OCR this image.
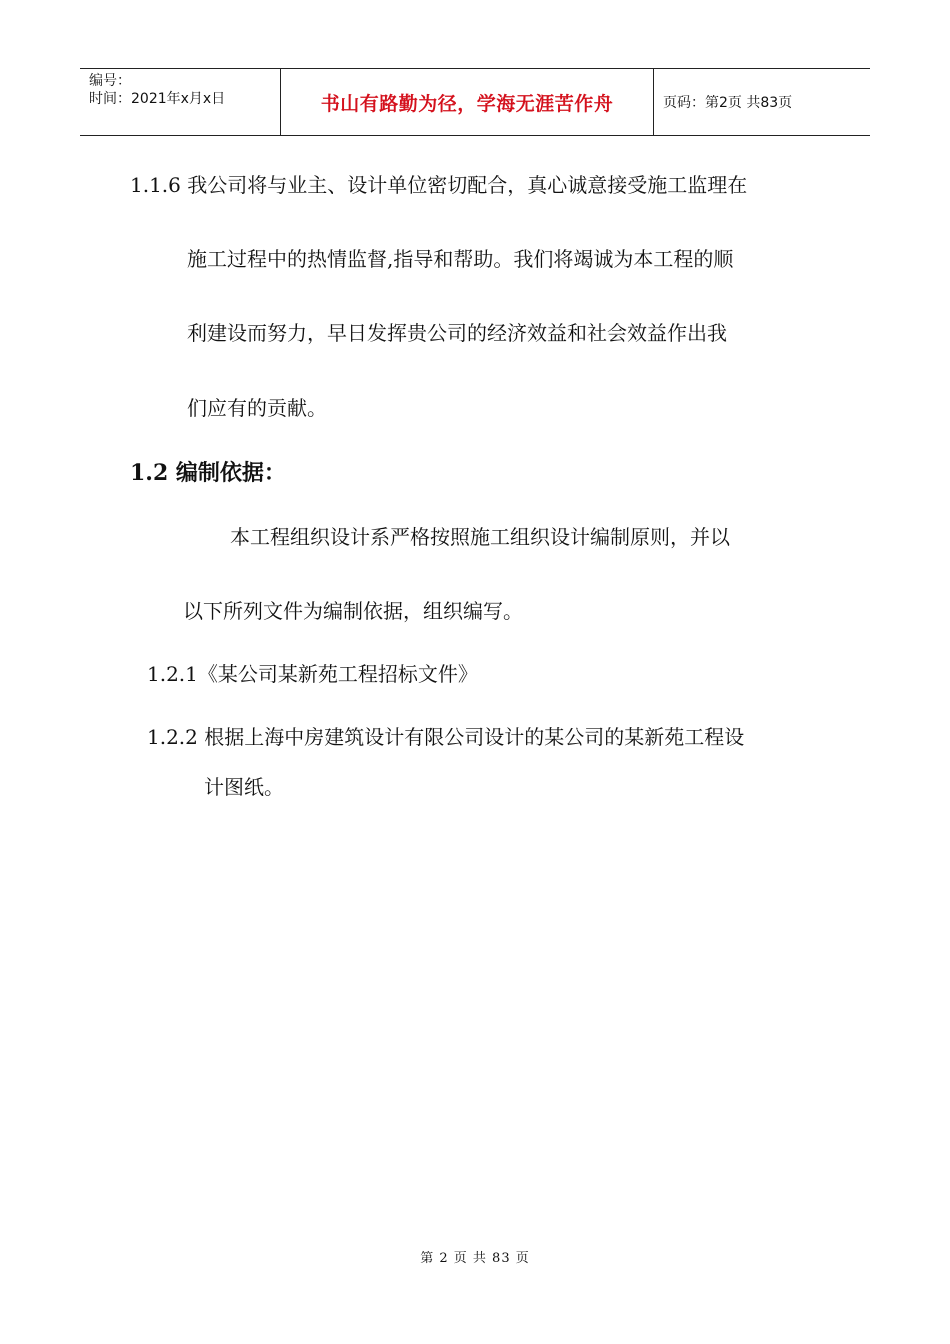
编号：
时间：2021年x月x日	书山有路勤为径，学海无涯苦作舟	页码：第2页 共83页
1.1.6 我公司将与业主、设计单位密切配合，真心诚意接受施工监理在
施工过程中的热情监督,指导和帮助。我们将竭诚为本工程的顺
利建设而努力，早日发挥贵公司的经济效益和社会效益作出我
们应有的贡献。
1.2 编制依据：
本工程组织设计系严格按照施工组织设计编制原则，并以
以下所列文件为编制依据，组织编写。
1.2.1《某公司某新苑工程招标文件》
1.2.2 根据上海中房建筑设计有限公司设计的某公司的某新苑工程设
计图纸。
第 2 页 共 83 页
